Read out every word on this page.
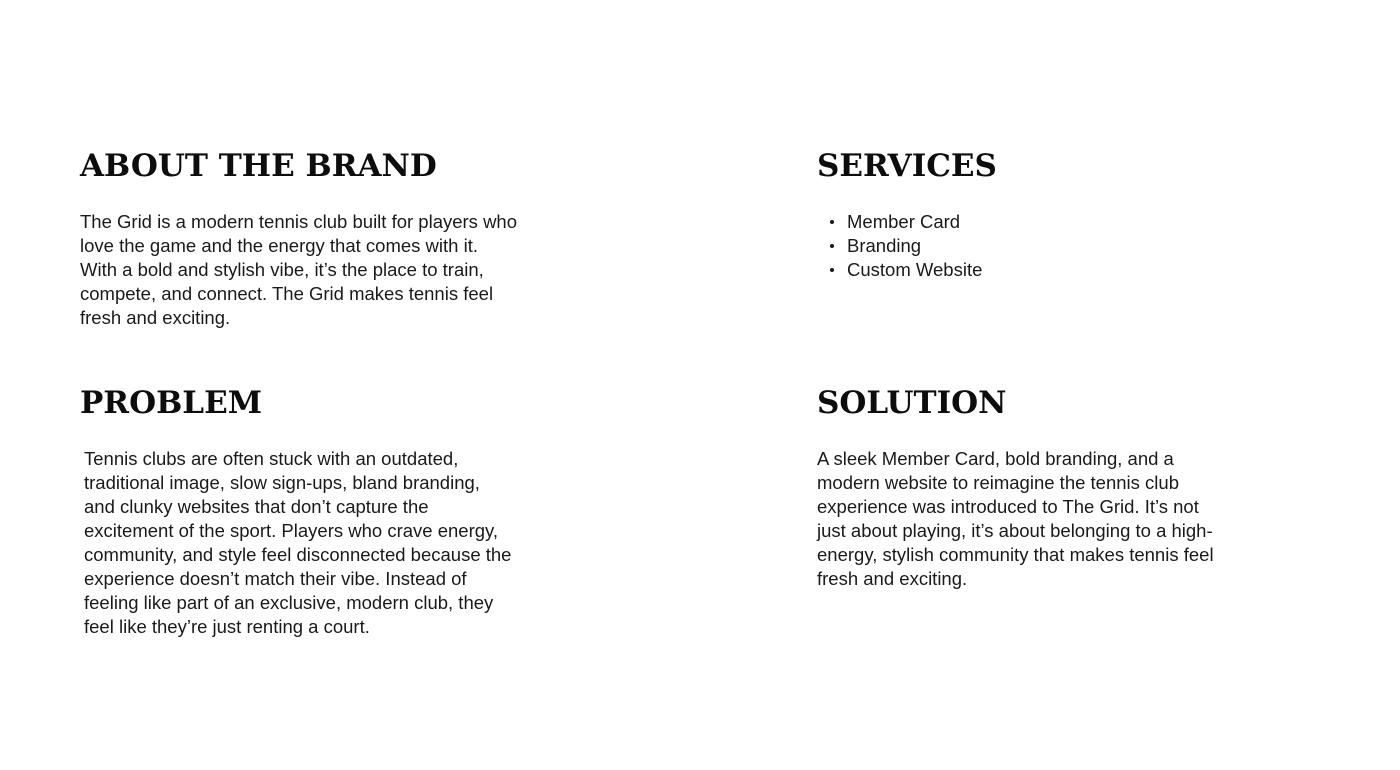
ABOUT THE BRAND

The Grid is a modern tennis club built for players who love the game and the energy that comes with it. With a bold and stylish vibe, it’s the place to train, compete, and connect. The Grid makes tennis feel fresh and exciting.

SERVICES
Member Card
Branding
Custom Website
PROBLEM

Tennis clubs are often stuck with an outdated, traditional image, slow sign-ups, bland branding, and clunky websites that don’t capture the excitement of the sport. Players who crave energy, community, and style feel disconnected because the experience doesn’t match their vibe. Instead of feeling like part of an exclusive, modern club, they feel like they’re just renting a court.

SOLUTION

A sleek Member Card, bold branding, and a modern website to reimagine the tennis club experience was introduced to The Grid. It’s not just about playing, it’s about belonging to a high-energy, stylish community that makes tennis feel fresh and exciting.
